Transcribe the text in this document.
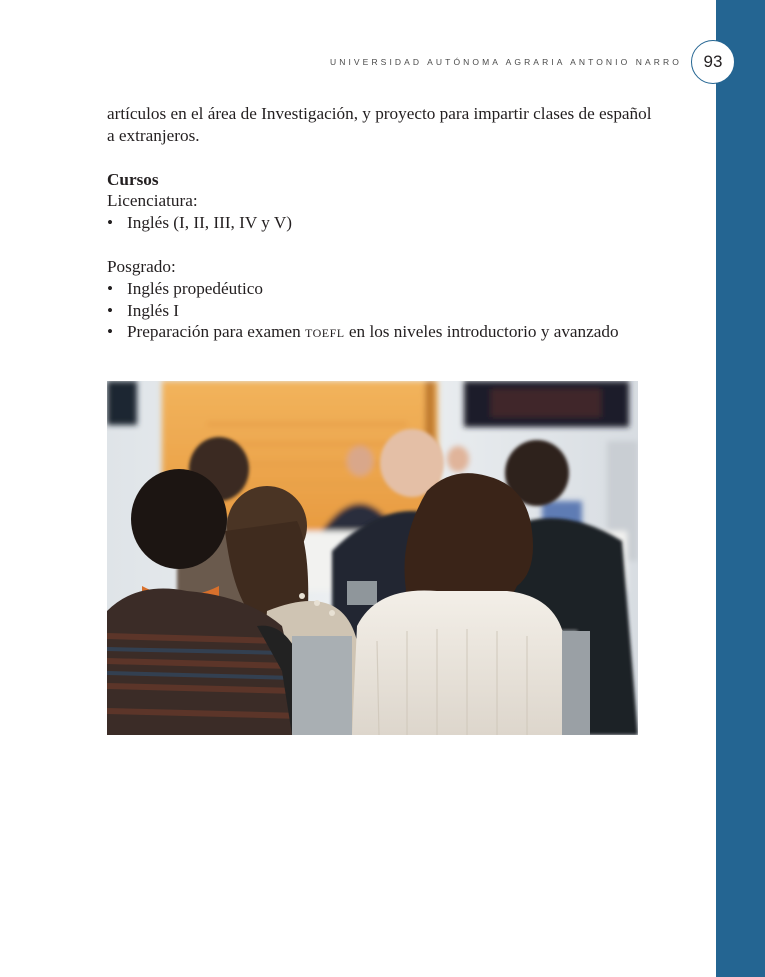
UNIVERSIDAD AUTÓNOMA AGRARIA ANTONIO NARRO	93

artículos en el área de Investigación, y proyecto para impartir clases de español

a extranjeros.

Cursos

Licenciatura:

• Inglés (I, II, III, IV y V)

Posgrado:

• Inglés propedéutico
• Inglés I
• Preparación para examen toefl en los niveles introductorio y avanzado
